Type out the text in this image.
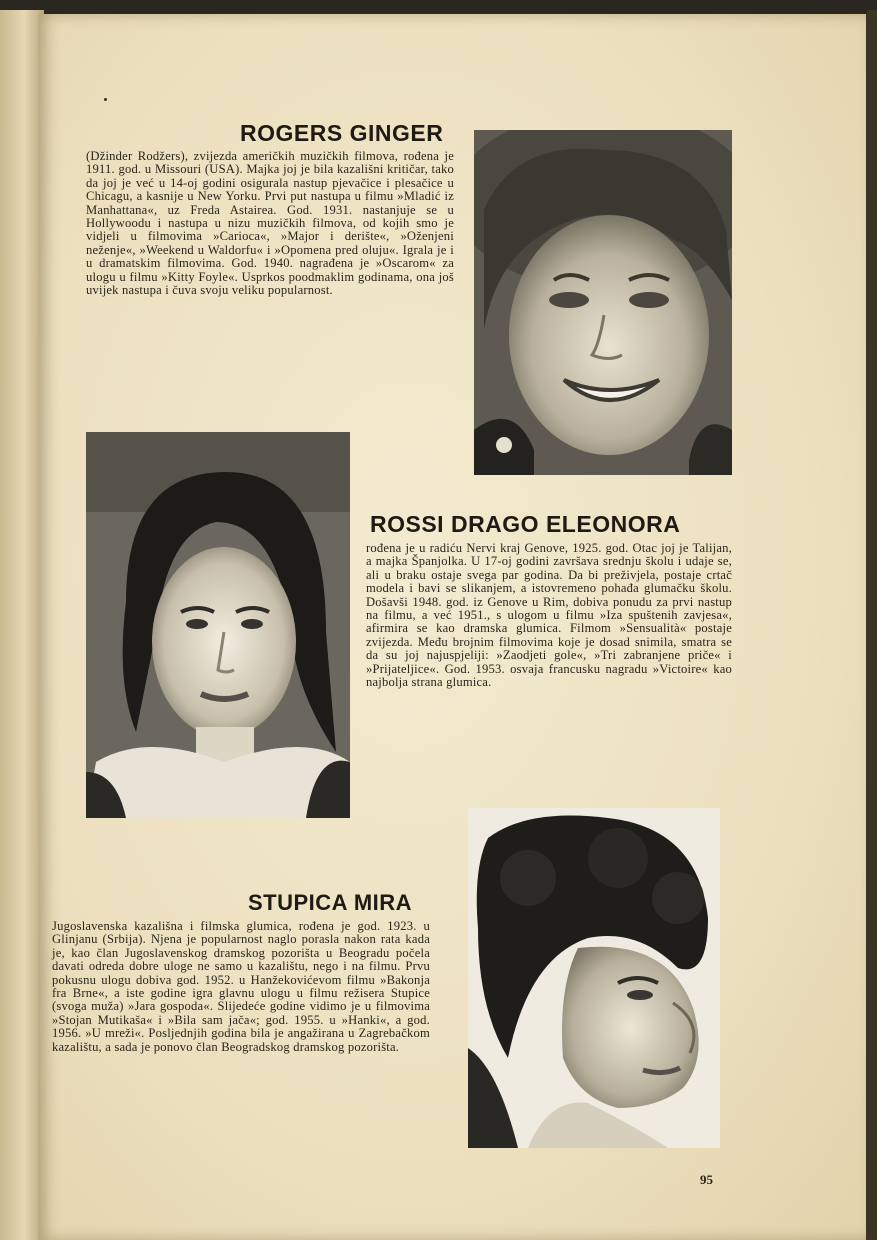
ROGERS GINGER
(Džinder Rodžers), zvijezda američkih muzičkih filmova, rođena je 1911. god. u Missouri (USA). Majka joj je bila kazališni kritičar, tako da joj je već u 14-oj godini osigurala nastup pjevačice i plesačice u Chicagu, a kasnije u New Yorku. Prvi put nastupa u filmu »Mladić iz Manhattana«, uz Freda Astairea. God. 1931. nastanjuje se u Hollywoodu i nastupa u nizu muzičkih filmova, od kojih smo je vidjeli u filmovima »Carioca«, »Major i derište«, »Oženjeni neženje«, »Weekend u Waldorfu« i »Opomena pred oluju«. Igrala je i u dramatskim filmovima. God. 1940. nagrađena je »Oscarom« za ulogu u filmu »Kitty Foyle«. Usprkos poodmaklim godinama, ona još uvijek nastupa i čuva svoju veliku popularnost.
ROSSI DRAGO ELEONORA
rođena je u radiću Nervi kraj Genove, 1925. god. Otac joj je Talijan, a majka Španjolka. U 17-oj godini završava srednju školu i udaje se, ali u braku ostaje svega par godina. Da bi preživjela, postaje crtač modela i bavi se slikanjem, a istovremeno pohađa glumačku školu. Došavši 1948. god. iz Genove u Rim, dobiva ponudu za prvi nastup na filmu, a već 1951., s ulogom u filmu »Iza spuštenih zavjesa«, afirmira se kao dramska glumica. Filmom »Sensualità« postaje zvijezda. Među brojnim filmovima koje je dosad snimila, smatra se da su joj najuspjeliji: »Zaodjeti gole«, »Tri zabranjene priče« i »Prijateljice«. God. 1953. osvaja francusku nagradu »Victoire« kao najbolja strana glumica.
STUPICA MIRA
Jugoslavenska kazališna i filmska glumica, rođena je god. 1923. u Glinjanu (Srbija). Njena je popularnost naglo porasla nakon rata kada je, kao član Jugoslavenskog dramskog pozorišta u Beogradu počela davati odredа dobre uloge ne samo u kazalištu, nego i na filmu. Prvu pokusnu ulogu dobiva god. 1952. u Hanžekovićevom filmu »Bakonja fra Brne«, a iste godine igra glavnu ulogu u filmu režisera Stupice (svoga muža) »Jara gospoda«. Slijedeće godine vidimo je u filmovima »Stojan Mutikaša« i »Bila sam jača«; god. 1955. u »Hanki«, a god. 1956. »U mreži«. Posljednjih godina bila je angažirana u Zagrebačkom kazalištu, a sada je ponovo član Beogradskog dramskog pozorišta.
95
